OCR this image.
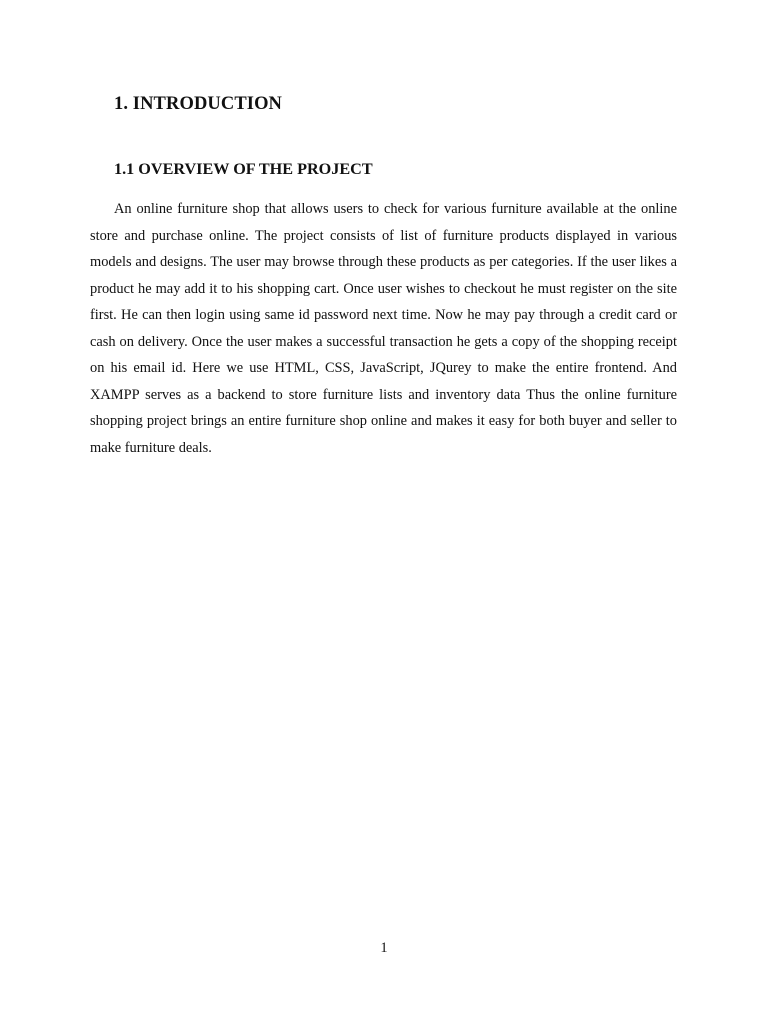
1. INTRODUCTION
1.1 OVERVIEW OF THE PROJECT

An online furniture shop that allows users to check for various furniture available at the online store and purchase online. The project consists of list of furniture products displayed in various models and designs. The user may browse through these products as per categories. If the user likes a product he may add it to his shopping cart. Once user wishes to checkout he must register on the site first. He can then login using same id password next time. Now he may pay through a credit card or cash on delivery. Once the user makes a successful transaction he gets a copy of the shopping receipt on his email id. Here we use HTML, CSS, JavaScript, JQurey to make the entire frontend. And XAMPP serves as a backend to store furniture lists and inventory data Thus the online furniture shopping project brings an entire furniture shop online and makes it easy for both buyer and seller to make furniture deals.

1
